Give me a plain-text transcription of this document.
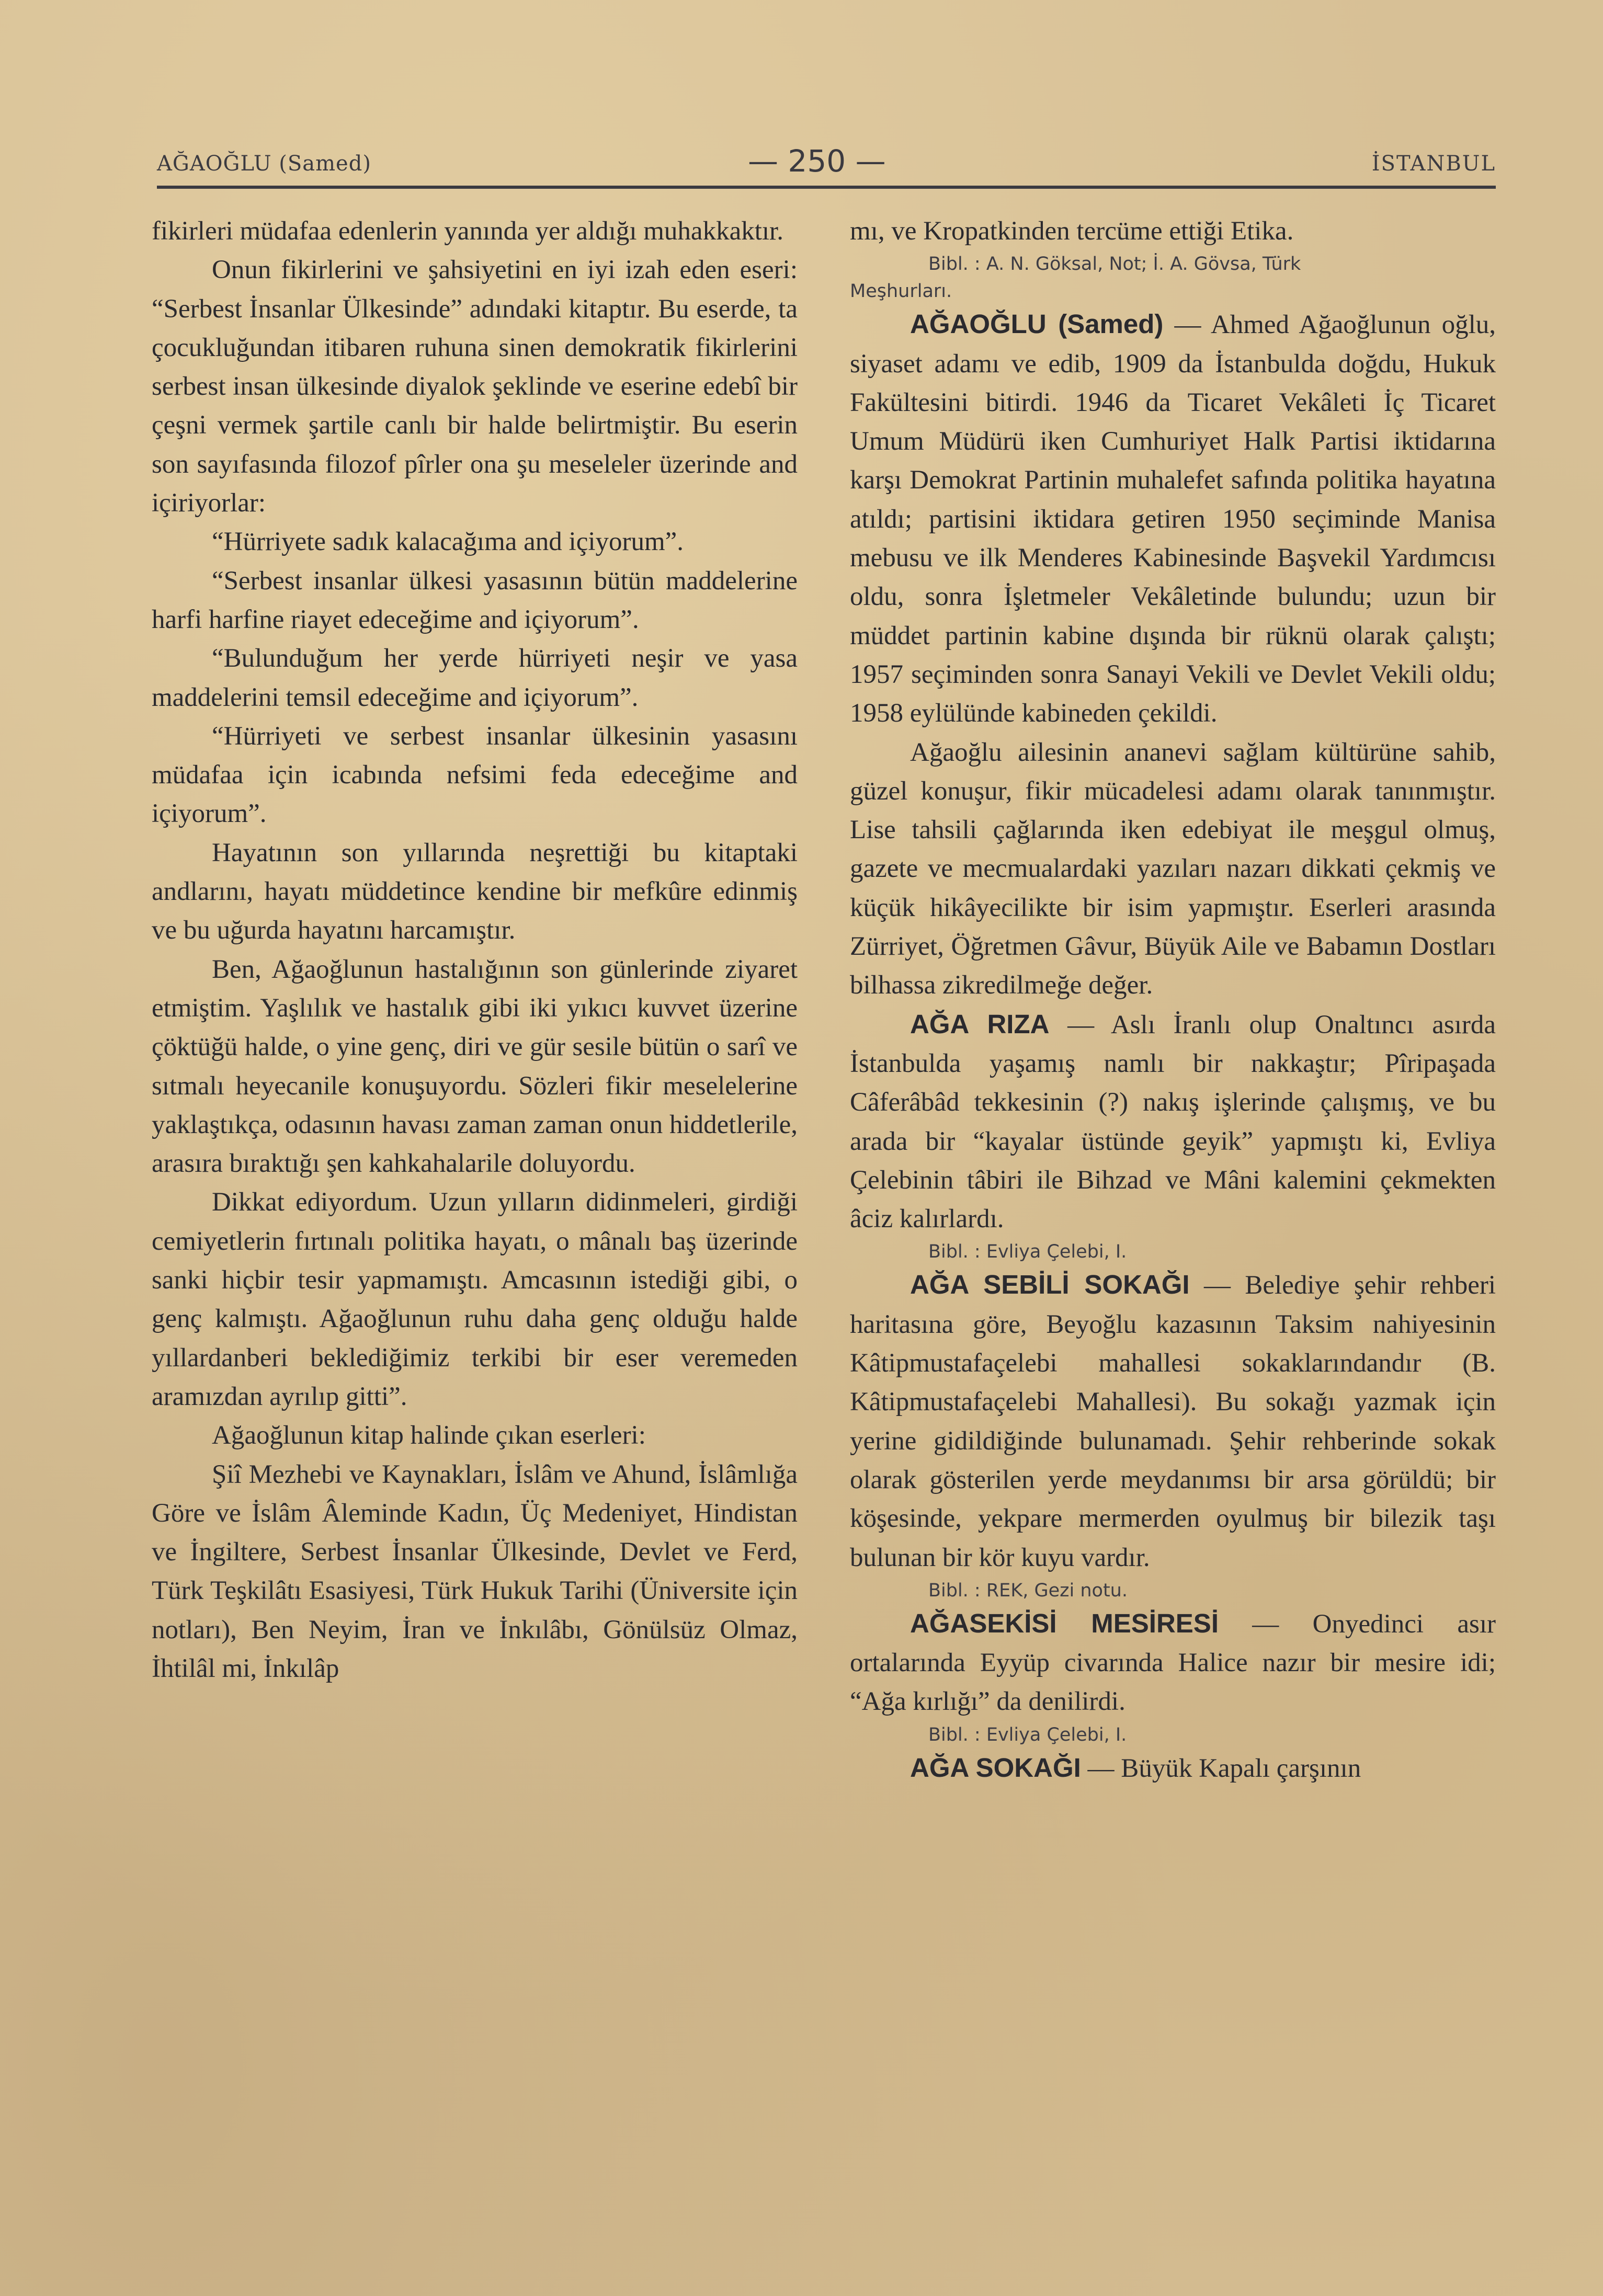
AĞAOĞLU (Samed)	— 250 —	İSTANBUL

fikirleri müdafaa edenlerin yanında yer aldığı muhakkaktır.

Onun fikirlerini ve şahsiyetini en iyi izah eden eseri: “Serbest İnsanlar Ülkesinde” adındaki kitaptır. Bu eserde, ta çocukluğundan itibaren ruhuna sinen demokratik fikirlerini serbest insan ülkesinde diyalok şeklinde ve eserine edebî bir çeşni vermek şartile canlı bir halde belirtmiştir. Bu eserin son sayıfasında filozof pîrler ona şu meseleler üzerinde and içiriyorlar:

“Hürriyete sadık kalacağıma and içiyorum”.

“Serbest insanlar ülkesi yasasının bütün maddelerine harfi harfine riayet edeceğime and içiyorum”.

“Bulunduğum her yerde hürriyeti neşir ve yasa maddelerini temsil edeceğime and içiyorum”.

“Hürriyeti ve serbest insanlar ülkesinin yasasını müdafaa için icabında nefsimi feda edeceğime and içiyorum”.

Hayatının son yıllarında neşrettiği bu kitaptaki andlarını, hayatı müddetince kendine bir mefkûre edinmiş ve bu uğurda hayatını harcamıştır.

Ben, Ağaoğlunun hastalığının son günlerinde ziyaret etmiştim. Yaşlılık ve hastalık gibi iki yıkıcı kuvvet üzerine çöktüğü halde, o yine genç, diri ve gür sesile bütün o sarî ve sıtmalı heyecanile konuşuyordu. Sözleri fikir meselelerine yaklaştıkça, odasının havası zaman zaman onun hiddetlerile, arasıra bıraktığı şen kahkahalarile doluyordu.

Dikkat ediyordum. Uzun yılların didinmeleri, girdiği cemiyetlerin fırtınalı politika hayatı, o mânalı baş üzerinde sanki hiçbir tesir yapmamıştı. Amcasının istediği gibi, o genç kalmıştı. Ağaoğlunun ruhu daha genç olduğu halde yıllardanberi beklediğimiz terkibi bir eser veremeden aramızdan ayrılıp gitti”.

Ağaoğlunun kitap halinde çıkan eserleri:

Şiî Mezhebi ve Kaynakları, İslâm ve Ahund, İslâmlığa Göre ve İslâm Âleminde Kadın, Üç Medeniyet, Hindistan ve İngiltere, Serbest İnsanlar Ülkesinde, Devlet ve Ferd, Türk Teşkilâtı Esasiyesi, Türk Hukuk Tarihi (Üniversite için notları), Ben Neyim, İran ve İnkılâbı, Gönülsüz Olmaz, İhtilâl mi, İnkılâp

mı, ve Kropatkinden tercüme ettiği Etika.

Bibl. : A. N. Göksal, Not; İ. A. Gövsa, Türk

Meşhurları.

AĞAOĞLU (Samed) — Ahmed Ağaoğlunun oğlu, siyaset adamı ve edib, 1909 da İstanbulda doğdu, Hukuk Fakültesini bitirdi. 1946 da Ticaret Vekâleti İç Ticaret Umum Müdürü iken Cumhuriyet Halk Partisi iktidarına karşı Demokrat Partinin muhalefet safında politika hayatına atıldı; partisini iktidara getiren 1950 seçiminde Manisa mebusu ve ilk Menderes Kabinesinde Başvekil Yardımcısı oldu, sonra İşletmeler Vekâletinde bulundu; uzun bir müddet partinin kabine dışında bir rüknü olarak çalıştı; 1957 seçiminden sonra Sanayi Vekili ve Devlet Vekili oldu; 1958 eylülünde kabineden çekildi.

Ağaoğlu ailesinin ananevi sağlam kültürüne sahib, güzel konuşur, fikir mücadelesi adamı olarak tanınmıştır. Lise tahsili çağlarında iken edebiyat ile meşgul olmuş, gazete ve mecmualardaki yazıları nazarı dikkati çekmiş ve küçük hikâyecilikte bir isim yapmıştır. Eserleri arasında Zürriyet, Öğretmen Gâvur, Büyük Aile ve Babamın Dostları bilhassa zikredilmeğe değer.

AĞA RIZA — Aslı İranlı olup Onaltıncı asırda İstanbulda yaşamış namlı bir nakkaştır; Pîripaşada Câferâbâd tekkesinin (?) nakış işlerinde çalışmış, ve bu arada bir “kayalar üstünde geyik” yapmıştı ki, Evliya Çelebinin tâbiri ile Bihzad ve Mâni kalemini çekmekten âciz kalırlardı.

Bibl. : Evliya Çelebi, I.

AĞA SEBİLİ SOKAĞI — Belediye şehir rehberi haritasına göre, Beyoğlu kazasının Taksim nahiyesinin Kâtipmustafaçelebi mahallesi sokaklarındandır (B. Kâtipmustafaçelebi Mahallesi). Bu sokağı yazmak için yerine gidildiğinde bulunamadı. Şehir rehberinde sokak olarak gösterilen yerde meydanımsı bir arsa görüldü; bir köşesinde, yekpare mermerden oyulmuş bir bilezik taşı bulunan bir kör kuyu vardır.

Bibl. : REK, Gezi notu.

AĞASEKİSİ MESİRESİ — Onyedinci asır ortalarında Eyyüp civarında Halice nazır bir mesire idi; “Ağa kırlığı” da denilirdi.

Bibl. : Evliya Çelebi, I.

AĞA SOKAĞI — Büyük Kapalı çarşının
